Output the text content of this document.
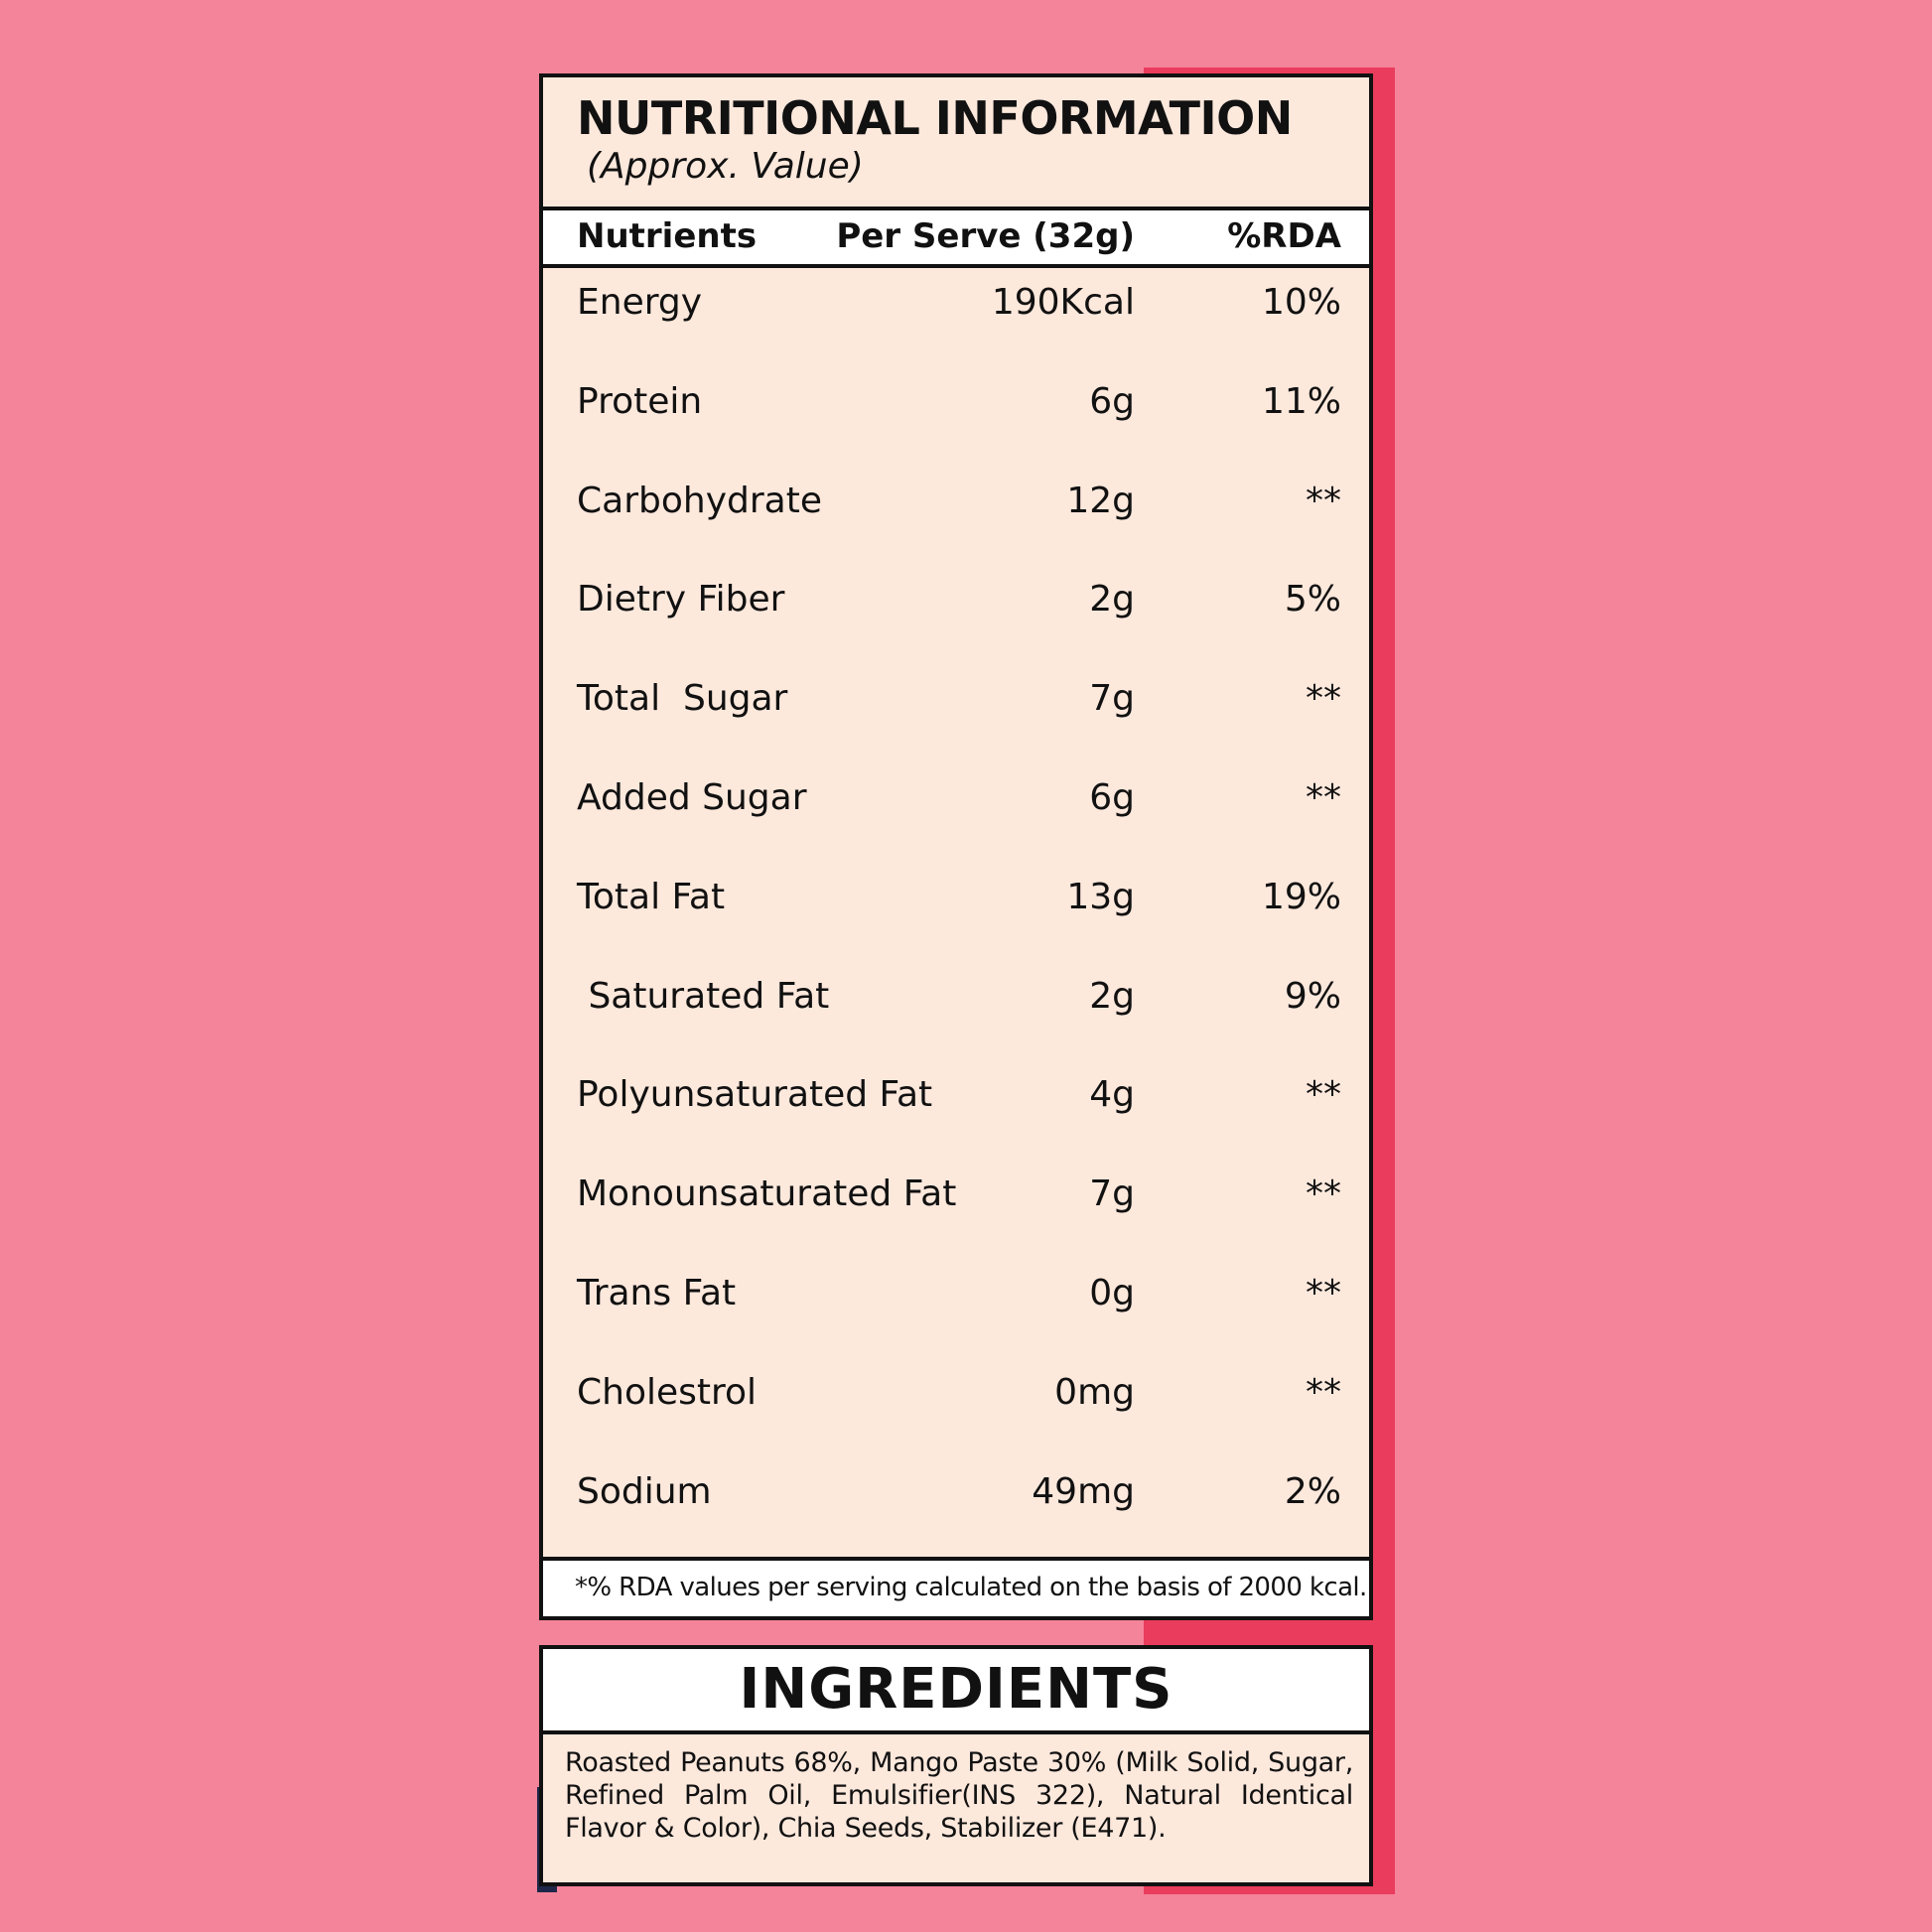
NUTRITIONAL INFORMATION
(Approx. Value)
Nutrients Per Serve (32g)	%RDA
Energy	190Kcal	10%
Protein	6g	11%
Carbohydrate	12g	**
Dietry Fiber	2g	5%
Total  Sugar	7g	**
Added Sugar	6g	**
Total Fat	13g	19%
Saturated Fat	2g	9%
Polyunsaturated Fat	4g	**
Monounsaturated Fat	7g	**
Trans Fat	0g	**
Cholestrol	0mg	**
Sodium	49mg	2%
*% RDA values per serving calculated on the basis of 2000 kcal.
INGREDIENTS
Roasted Peanuts 68%, Mango Paste 30% (Milk Solid, Sugar, Refined Palm Oil, Emulsifier(INS 322), Natural Identical Flavor & Color), Chia Seeds, Stabilizer (E471).
